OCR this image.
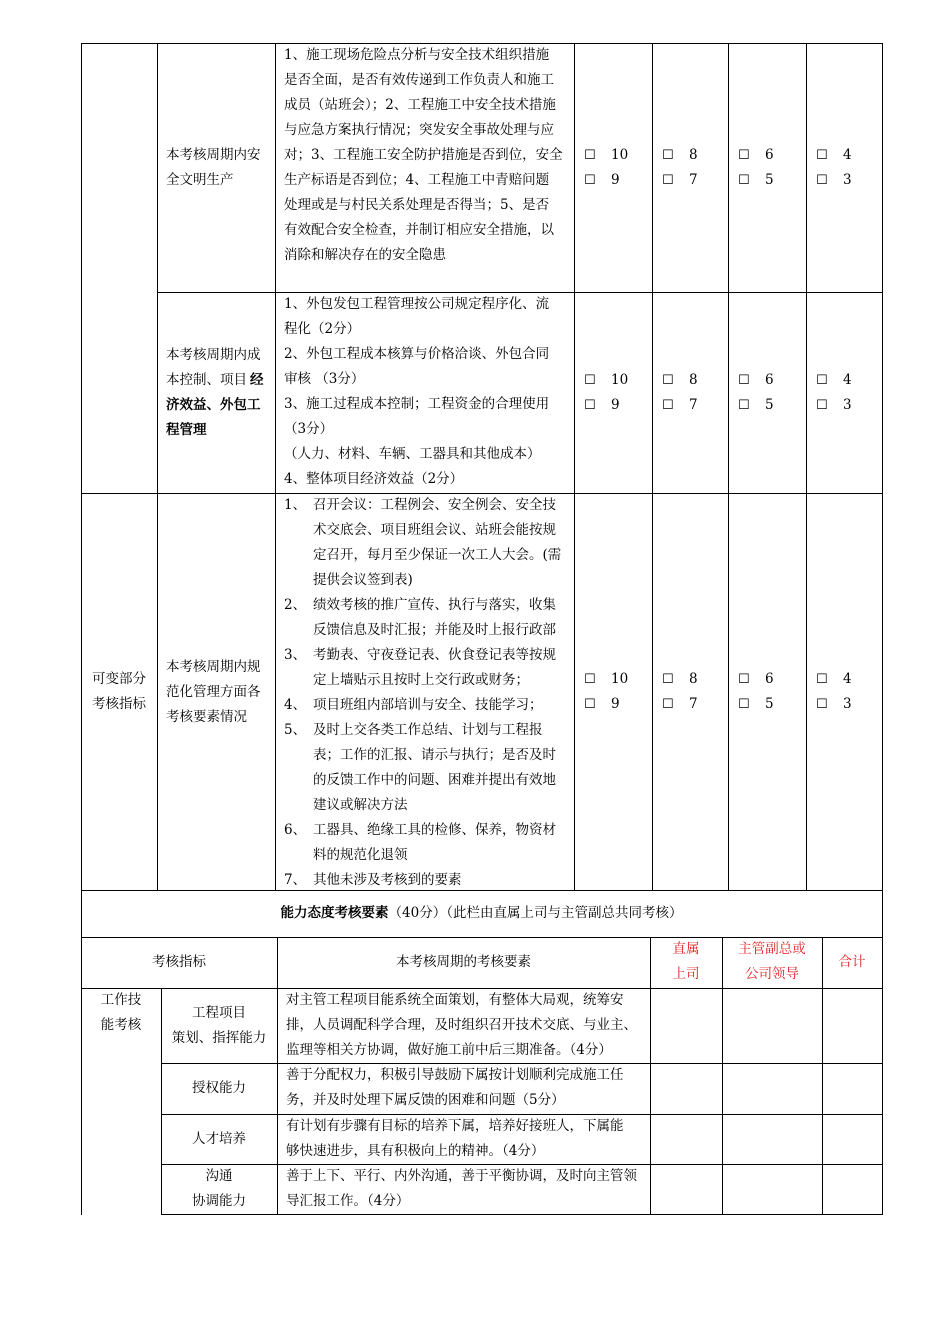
可变部分
考核指标
本考核周期内安
全文明生产
本考核周期内成
本控制、项目 经
济效益、外包工
程管理
本考核周期内规
范化管理方面各
考核要素情况
1、施工现场危险点分析与安全技术组织措施
是否全面，是否有效传递到工作负责人和施工
成员（站班会）；2、工程施工中安全技术措施
与应急方案执行情况；突发安全事故处理与应
对；3、工程施工安全防护措施是否到位，安全
生产标语是否到位；4、工程施工中青赔问题
处理或是与村民关系处理是否得当；5、是否
有效配合安全检查，并制订相应安全措施，以
消除和解决存在的安全隐患
1、外包发包工程管理按公司规定程序化、流
程化（2分）
2、外包工程成本核算与价格洽谈、外包合同
审核 （3分）
3、施工过程成本控制；工程资金的合理使用
（3分）
（人力、材料、车辆、工器具和其他成本）
4、整体项目经济效益（2分）
1、 召开会议：工程例会、安全例会、安全技
术交底会、项目班组会议、站班会能按规
定召开，每月至少保证一次工人大会。(需
提供会议签到表)
2、 绩效考核的推广宣传、执行与落实，收集
反馈信息及时汇报；并能及时上报行政部
3、 考勤表、守夜登记表、伙食登记表等按规
定上墙贴示且按时上交行政或财务；
4、 项目班组内部培训与安全、技能学习；
5、 及时上交各类工作总结、计划与工程报
表；工作的汇报、请示与执行；是否及时
的反馈工作中的问题、困难并提出有效地
建议或解决方法
6、 工器具、绝缘工具的检修、保养，物资材
料的规范化退领
7、 其他未涉及考核到的要素
☐ 10
☐ 9
☐ 8
☐ 7
☐ 6
☐ 5
☐ 4
☐ 3
☐ 10
☐ 9
☐ 8
☐ 7
☐ 6
☐ 5
☐ 4
☐ 3
☐ 10
☐ 9
☐ 8
☐ 7
☐ 6
☐ 5
☐ 4
☐ 3
能力态度考核要素（40分）（此栏由直属上司与主管副总共同考核）
考核指标	本考核周期的考核要素
直属
上司
主管副总或
公司领导
合计
工作技
能考核
工程项目
策划、指挥能力
对主管工程项目能系统全面策划，有整体大局观，统筹安
排，人员调配科学合理，及时组织召开技术交底、与业主、
监理等相关方协调，做好施工前中后三期准备。（4分）
授权能力
善于分配权力，积极引导鼓励下属按计划顺利完成施工任
务，并及时处理下属反馈的困难和问题（5分）
人才培养
有计划有步骤有目标的培养下属，培养好接班人，下属能
够快速进步，具有积极向上的精神。（4分）
沟通
协调能力
善于上下、平行、内外沟通，善于平衡协调，及时向主管领
导汇报工作。（4分）
